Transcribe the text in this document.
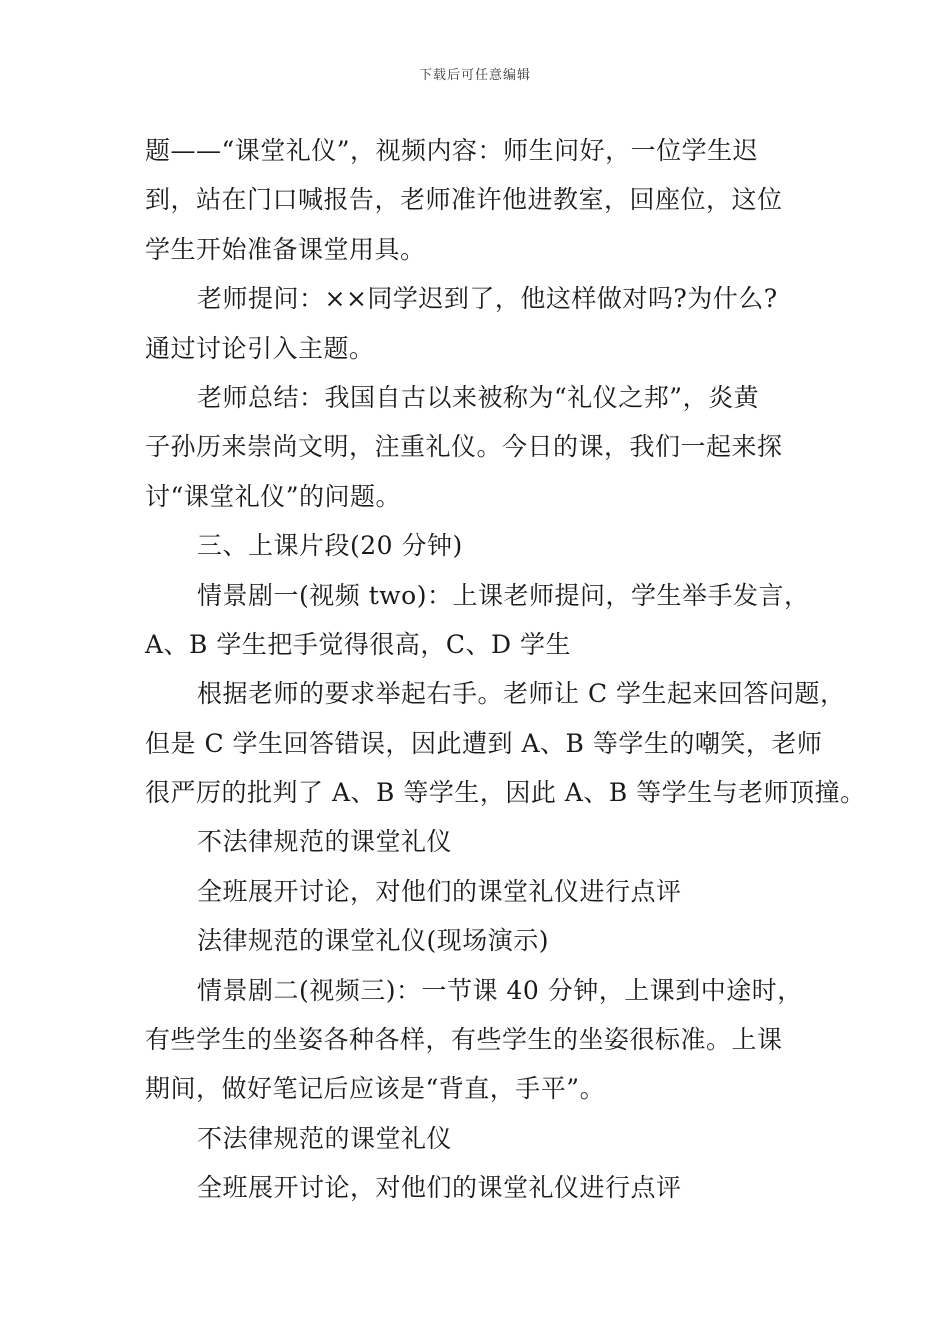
下载后可任意编辑
题——“课堂礼仪”，视频内容：师生问好，一位学生迟
到，站在门口喊报告，老师准许他进教室，回座位，这位
学生开始准备课堂用具。
老师提问：××同学迟到了，他这样做对吗?为什么?
通过讨论引入主题。
老师总结：我国自古以来被称为“礼仪之邦”，炎黄
子孙历来崇尚文明，注重礼仪。今日的课，我们一起来探
讨“课堂礼仪”的问题。
三、上课片段(20 分钟)
情景剧一(视频 two)：上课老师提问，学生举手发言，
A、B 学生把手觉得很高，C、D 学生
根据老师的要求举起右手。老师让 C 学生起来回答问题，
但是 C 学生回答错误，因此遭到 A、B 等学生的嘲笑，老师
很严厉的批判了 A、B 等学生，因此 A、B 等学生与老师顶撞。
不法律规范的课堂礼仪
全班展开讨论，对他们的课堂礼仪进行点评
法律规范的课堂礼仪(现场演示)
情景剧二(视频三)：一节课 40 分钟，上课到中途时，
有些学生的坐姿各种各样，有些学生的坐姿很标准。上课
期间，做好笔记后应该是“背直，手平”。
不法律规范的课堂礼仪
全班展开讨论，对他们的课堂礼仪进行点评
